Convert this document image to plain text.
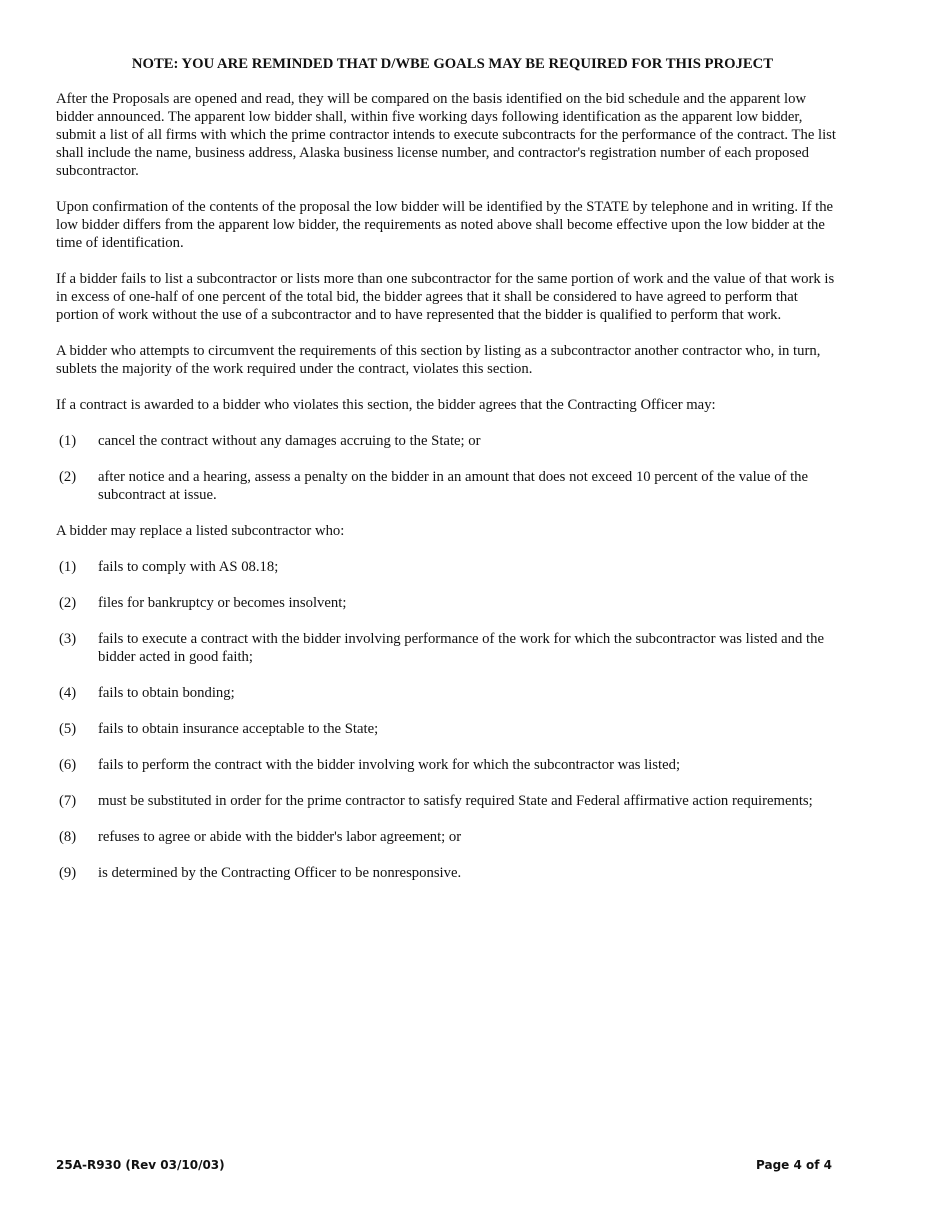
NOTE: YOU ARE REMINDED THAT D/WBE GOALS MAY BE REQUIRED FOR THIS PROJECT

After the Proposals are opened and read, they will be compared on the basis identified on the bid schedule and the apparent low bidder announced. The apparent low bidder shall, within five working days following identification as the apparent low bidder, submit a list of all firms with which the prime contractor intends to execute subcontracts for the performance of the contract. The list shall include the name, business address, Alaska business license number, and contractor's registration number of each proposed subcontractor.

Upon confirmation of the contents of the proposal the low bidder will be identified by the STATE by telephone and in writing. If the low bidder differs from the apparent low bidder, the requirements as noted above shall become effective upon the low bidder at the time of identification.

If a bidder fails to list a subcontractor or lists more than one subcontractor for the same portion of work and the value of that work is in excess of one-half of one percent of the total bid, the bidder agrees that it shall be considered to have agreed to perform that portion of work without the use of a subcontractor and to have represented that the bidder is qualified to perform that work.

A bidder who attempts to circumvent the requirements of this section by listing as a subcontractor another contractor who, in turn, sublets the majority of the work required under the contract, violates this section.

If a contract is awarded to a bidder who violates this section, the bidder agrees that the Contracting Officer may:

(1)	cancel the contract without any damages accruing to the State; or
(2)	after notice and a hearing, assess a penalty on the bidder in an amount that does not exceed 10 percent of the value of the subcontract at issue.

A bidder may replace a listed subcontractor who:

(1)	fails to comply with AS 08.18;
(2)	files for bankruptcy or becomes insolvent;
(3)	fails to execute a contract with the bidder involving performance of the work for which the subcontractor was listed and the bidder acted in good faith;
(4)	fails to obtain bonding;
(5)	fails to obtain insurance acceptable to the State;
(6)	fails to perform the contract with the bidder involving work for which the subcontractor was listed;
(7)	must be substituted in order for the prime contractor to satisfy required State and Federal affirmative action requirements;
(8)	refuses to agree or abide with the bidder's labor agreement; or
(9)	is determined by the Contracting Officer to be nonresponsive.
25A-R930 (Rev 03/10/03)	Page 4 of 4
